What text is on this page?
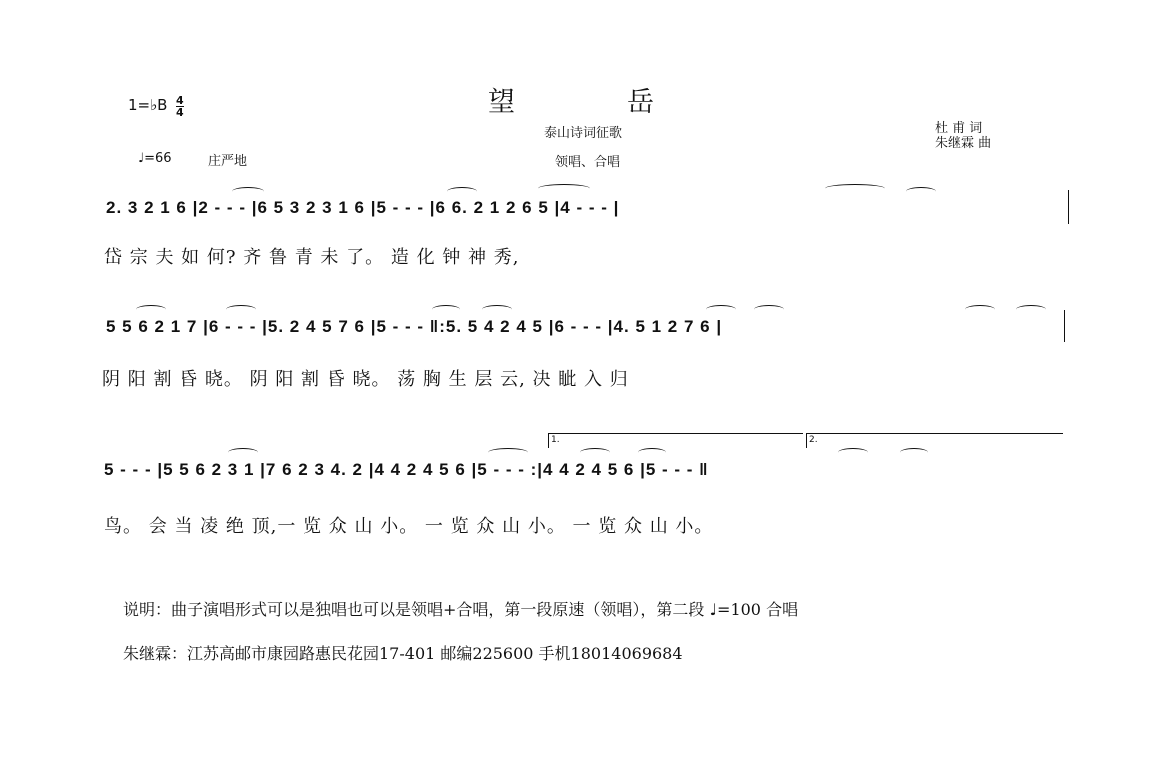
望	岳
1=♭B 4
4
♩=66	庄严地
泰山诗词征歌
领唱、合唱
杜 甫 词
朱继霖 曲
2. 3 2 1 6 |2 - - - |6 5 3 2 3 1 6 |5 - - - |6 6. 2 1 2 6 5 |4 - - - |
岱 宗 夫 如 何? 齐 鲁 青 未 了。 造 化 钟 神 秀,
5 5 6 2 1 7 |6 - - - |5. 2 4 5 7 6 |5 - - - ‖:5. 5 4 2 4 5 |6 - - - |4. 5 1 2 7 6 |
阴 阳 割 昏 晓。 阴 阳 割 昏 晓。 荡 胸 生 层 云, 决 眦 入 归
1.	2.
5 - - - |5 5 6 2 3 1 |7 6 2 3 4. 2 |4 4 2 4 5 6 |5 - - - :|4 4 2 4 5 6 |5 - - - ‖
鸟。 会 当 凌 绝 顶,一 览 众 山 小。 一 览 众 山 小。 一 览 众 山 小。
说明：曲子演唱形式可以是独唱也可以是领唱+合唱，第一段原速（领唱），第二段 ♩=100 合唱
朱继霖：江苏高邮市康园路惠民花园17-401 邮编225600 手机18014069684
